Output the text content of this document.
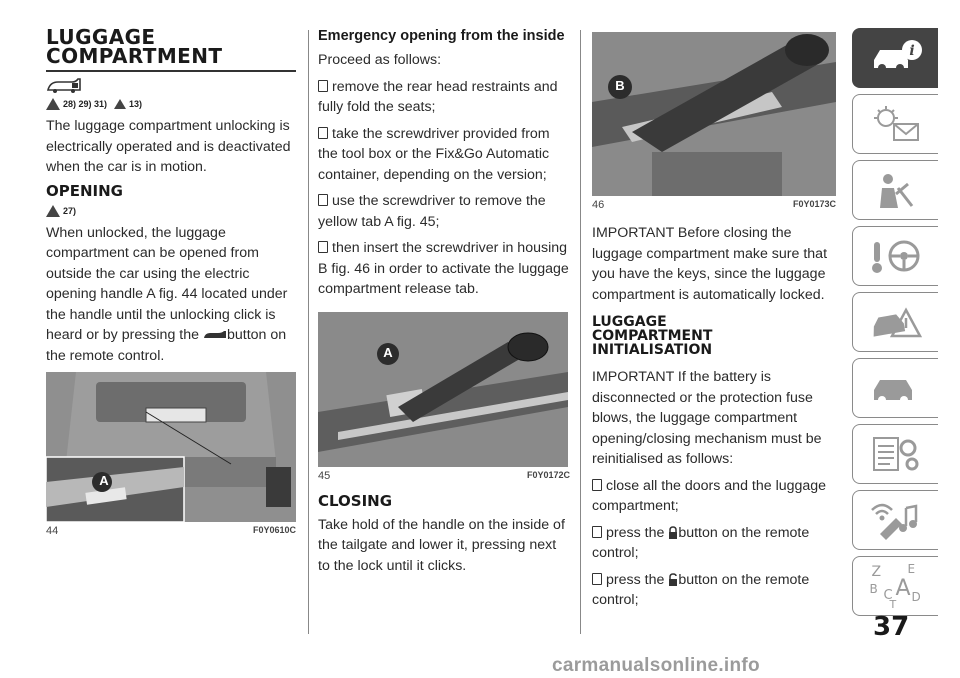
LUGGAGE COMPARTMENT
28) 29) 31) 13)

The luggage compartment unlocking is electrically operated and is deactivated when the car is in motion.

OPENING
27)

When unlocked, the luggage compartment can be opened from outside the car using the electric opening handle A fig. 44 located under the handle until the unlocking click is heard or by pressing the button on the remote control.

A
44	F0Y0610C
Emergency opening from the inside

Proceed as follows:

remove the rear head restraints and fully fold the seats;

take the screwdriver provided from the tool box or the Fix&Go Automatic container, depending on the version;

use the screwdriver to remove the yellow tab A fig. 45;

then insert the screwdriver in housing B fig. 46 in order to activate the luggage compartment release tab.

A
45	F0Y0172C
CLOSING

Take hold of the handle on the inside of the tailgate and lower it, pressing next to the lock until it clicks.

B
46	F0Y0173C

IMPORTANT Before closing the luggage compartment make sure that you have the keys, since the luggage compartment is automatically locked.

LUGGAGE COMPARTMENT INITIALISATION

IMPORTANT If the battery is disconnected or the protection fuse blows, the luggage compartment opening/closing mechanism must be reinitialised as follows:

close all the doors and the luggage compartment;

press the button on the remote control;

press the button on the remote control;

i
Z E
B A
C
T
D
37
carmanualsonline.info
